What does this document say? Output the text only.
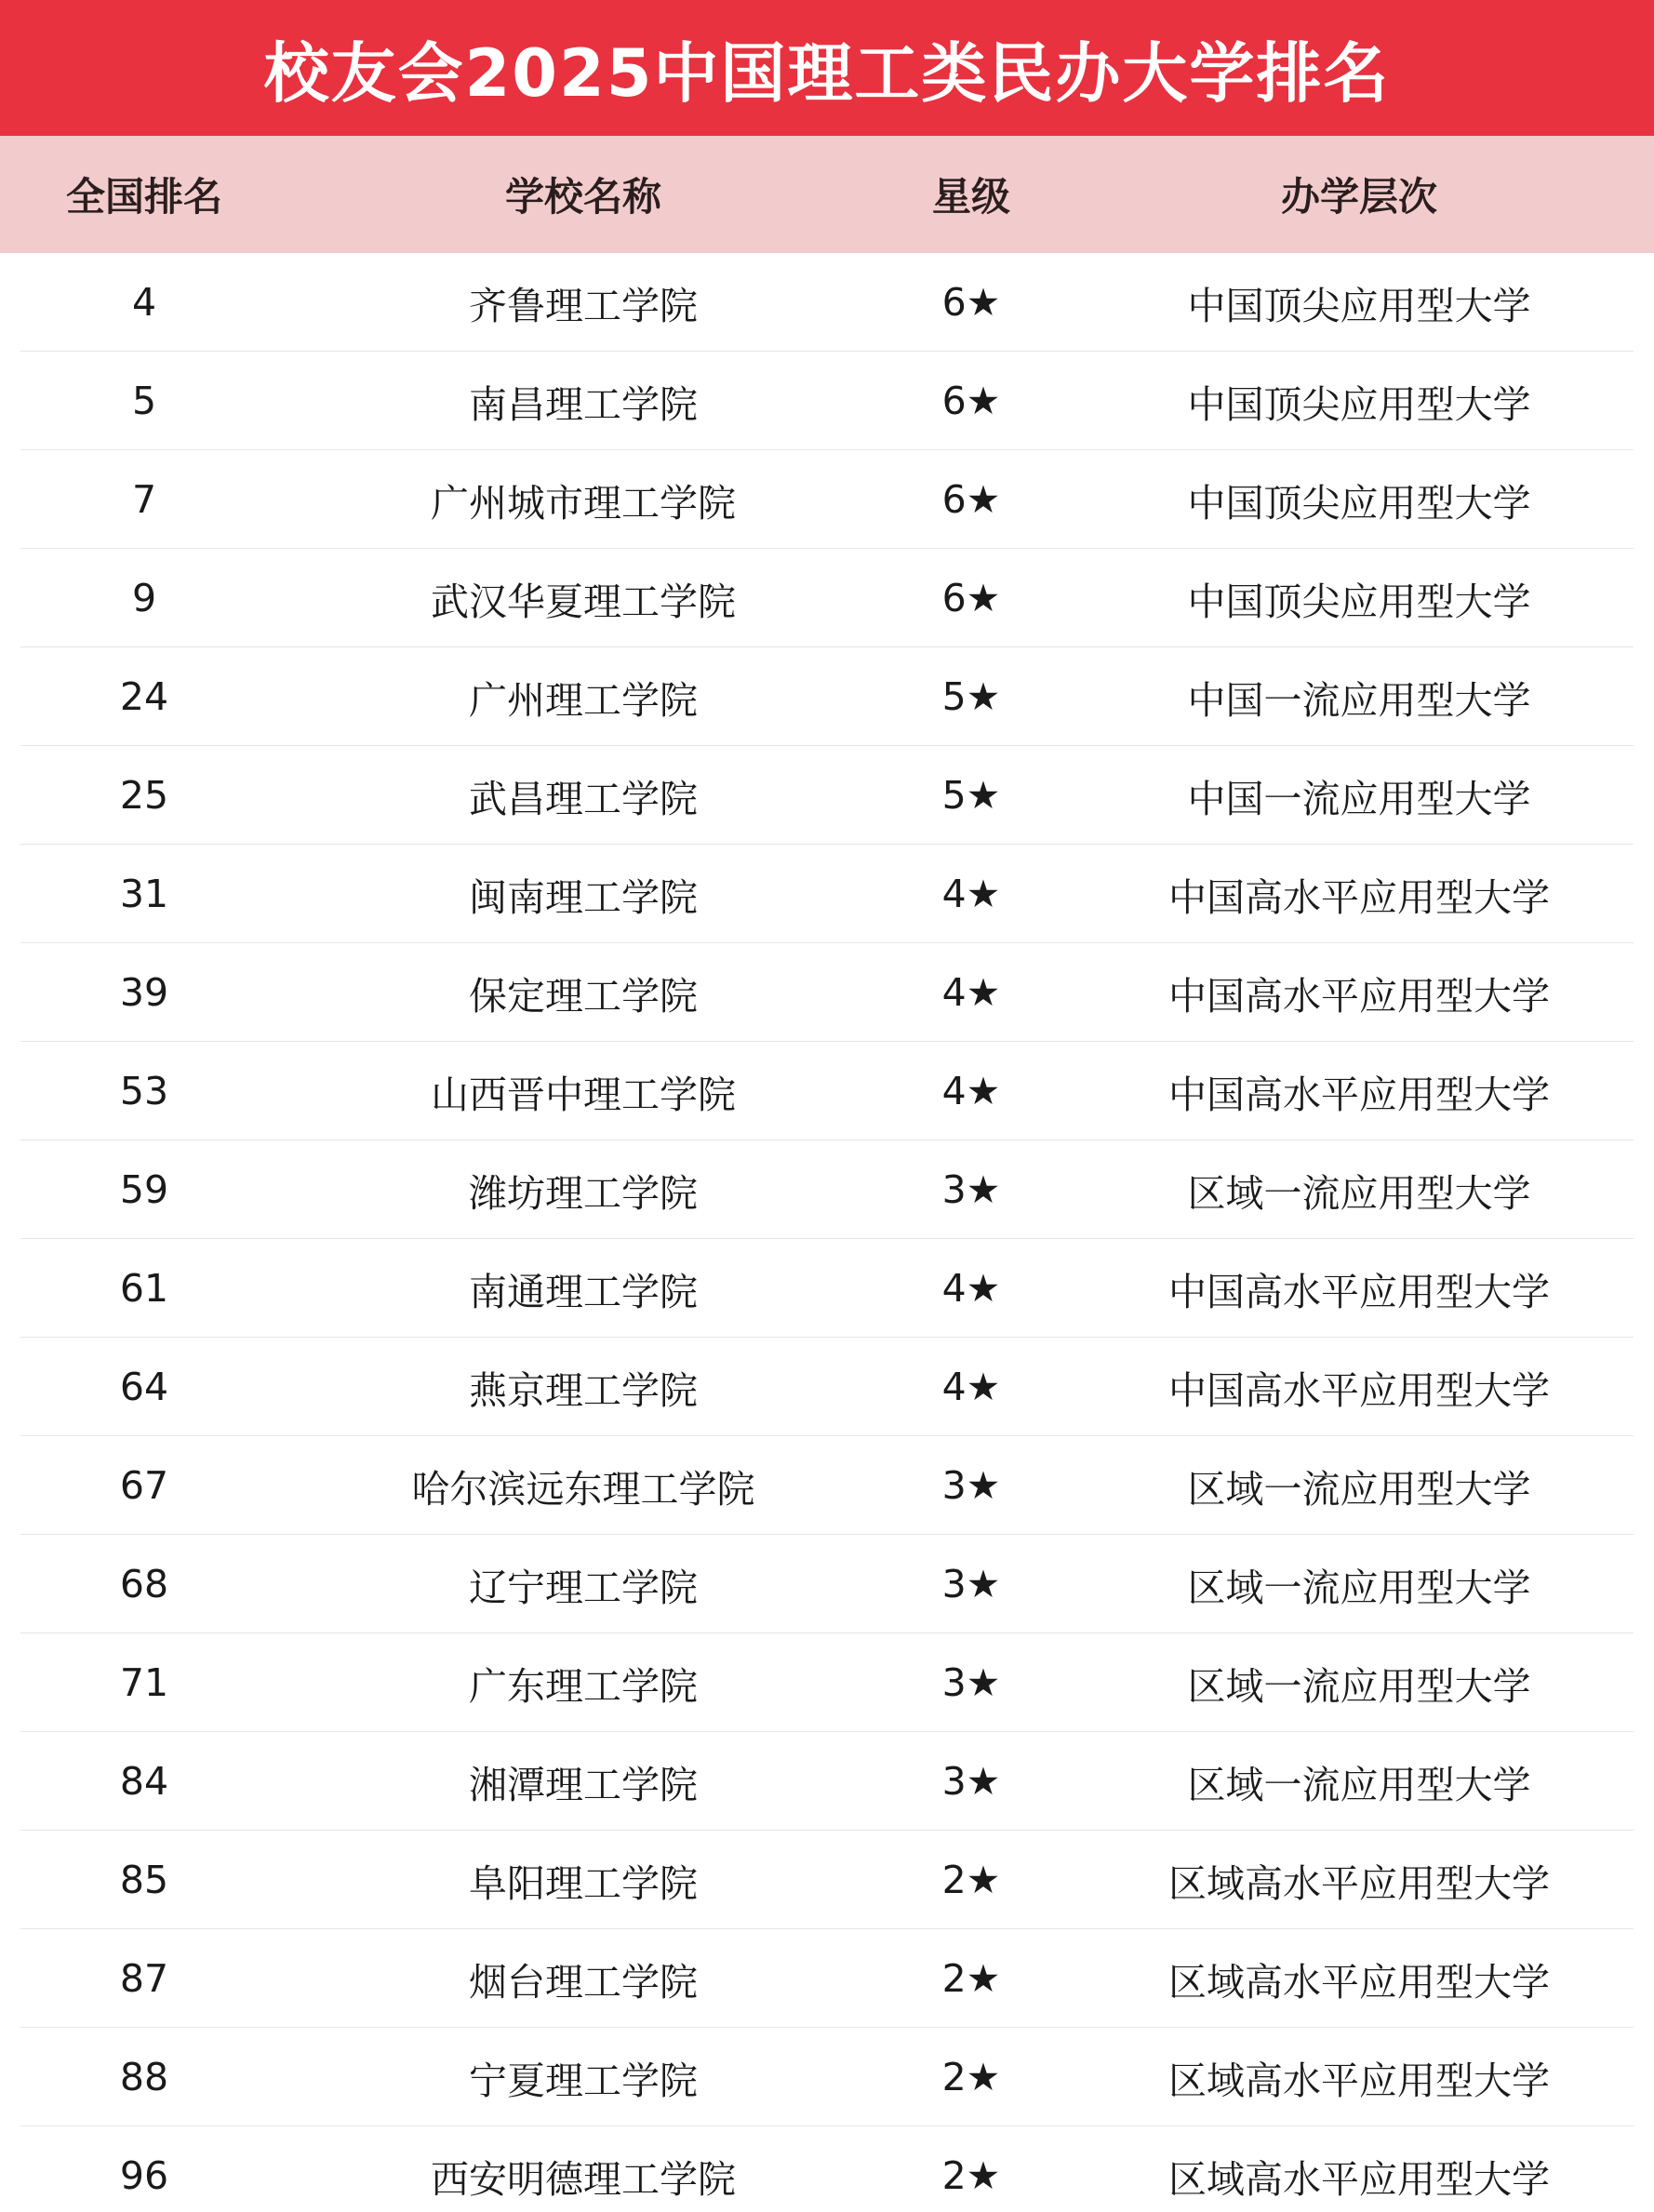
校友会2025中国理工类民办大学排名
全国排名	学校名称	星级	办学层次
4	齐鲁理工学院	6★	中国顶尖应用型大学
5	南昌理工学院	6★	中国顶尖应用型大学
7	广州城市理工学院	6★	中国顶尖应用型大学
9	武汉华夏理工学院	6★	中国顶尖应用型大学
24	广州理工学院	5★	中国一流应用型大学
25	武昌理工学院	5★	中国一流应用型大学
31	闽南理工学院	4★	中国高水平应用型大学
39	保定理工学院	4★	中国高水平应用型大学
53	山西晋中理工学院	4★	中国高水平应用型大学
59	潍坊理工学院	3★	区域一流应用型大学
61	南通理工学院	4★	中国高水平应用型大学
64	燕京理工学院	4★	中国高水平应用型大学
67	哈尔滨远东理工学院	3★	区域一流应用型大学
68	辽宁理工学院	3★	区域一流应用型大学
71	广东理工学院	3★	区域一流应用型大学
84	湘潭理工学院	3★	区域一流应用型大学
85	阜阳理工学院	2★	区域高水平应用型大学
87	烟台理工学院	2★	区域高水平应用型大学
88	宁夏理工学院	2★	区域高水平应用型大学
96	西安明德理工学院	2★	区域高水平应用型大学
